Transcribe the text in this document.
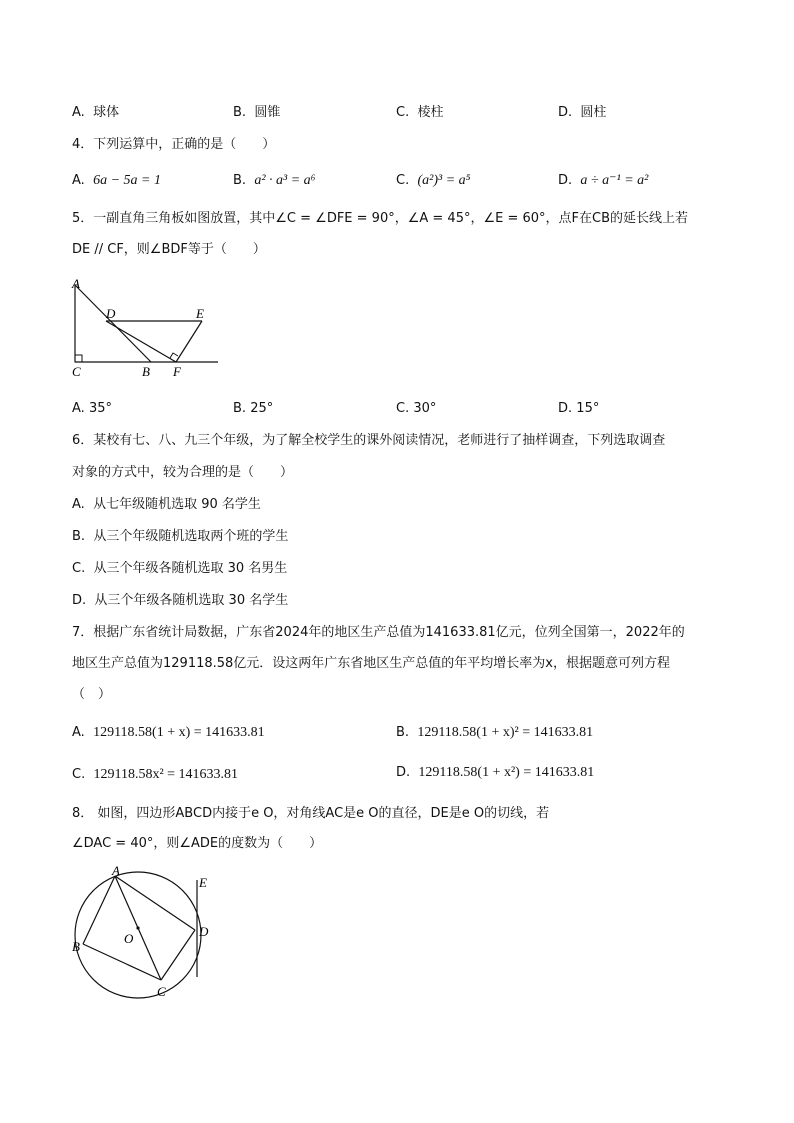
A. 球体	B. 圆锥	C. 棱柱	D. 圆柱
4．下列运算中，正确的是（　　）
A. 6a − 5a = 1	B. a² · a³ = a⁶	C. (a²)³ = a⁵	D. a ÷ a⁻¹ = a²
5．一副直角三角板如图放置，其中∠C = ∠DFE = 90°，∠A = 45°，∠E = 60°，点F在CB的延长线上若
DE // CF，则∠BDF等于（　　）
A
D	E
C	B F
A. 35°	B. 25°	C. 30°	D. 15°
6．某校有七、八、九三个年级，为了解全校学生的课外阅读情况，老师进行了抽样调查，下列选取调查
对象的方式中，较为合理的是（　　）
A. 从七年级随机选取 90 名学生
B. 从三个年级随机选取两个班的学生
C. 从三个年级各随机选取 30 名男生
D. 从三个年级各随机选取 30 名学生
7．根据广东省统计局数据，广东省2024年的地区生产总值为141633.81亿元，位列全国第一，2022年的
地区生产总值为129118.58亿元．设这两年广东省地区生产总值的年平均增长率为x，根据题意可列方程
（　）
A. 129118.58(1 + x) = 141633.81	B. 129118.58(1 + x)² = 141633.81
C. 129118.58x² = 141633.81	D. 129118.58(1 + x²) = 141633.81
8． 如图，四边形ABCD内接于e O，对角线AC是e O的直径，DE是e O的切线，若
∠DAC = 40°，则∠ADE的度数为（　　）
A
B
C
D
E
O
